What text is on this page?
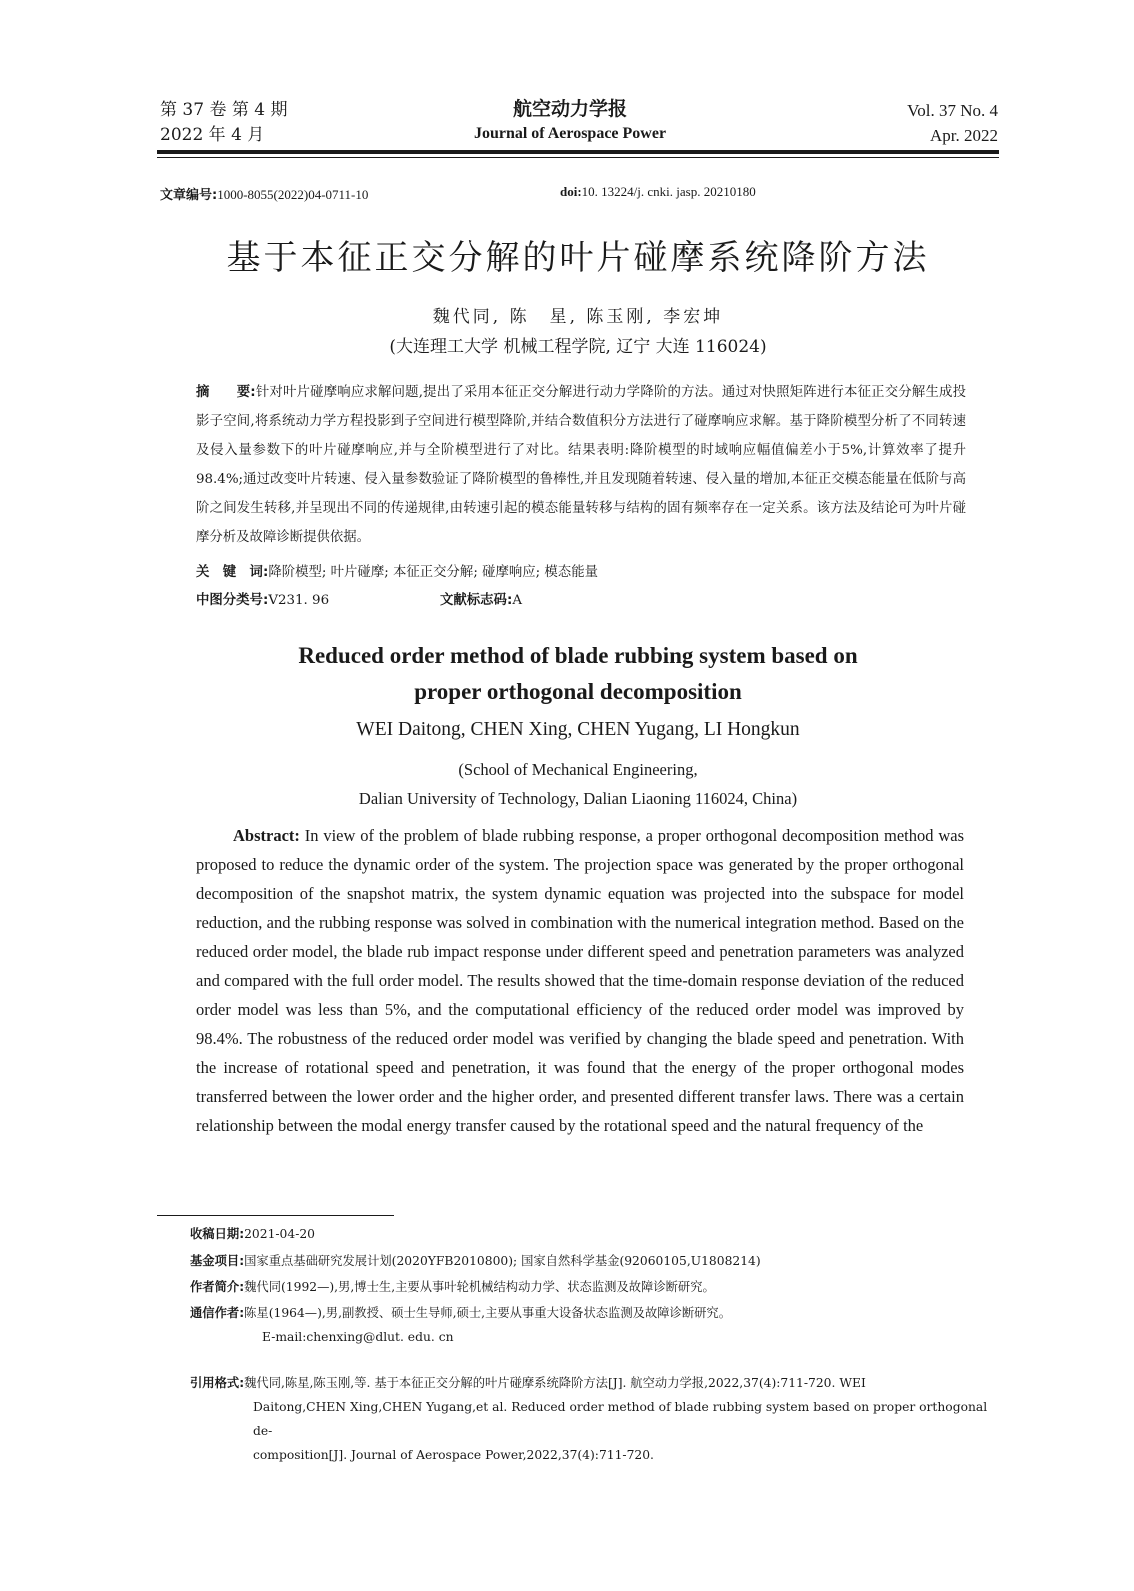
第 37 卷 第 4 期
2022 年 4 月
航空动力学报
Journal of Aerospace Power
Vol. 37 No. 4
Apr. 2022
文章编号:1000-8055(2022)04-0711-10	doi:10. 13224/j. cnki. jasp. 20210180
基于本征正交分解的叶片碰摩系统降阶方法
魏代同, 陈　星, 陈玉刚, 李宏坤
(大连理工大学 机械工程学院, 辽宁 大连 116024)
摘　　要:针对叶片碰摩响应求解问题,提出了采用本征正交分解进行动力学降阶的方法。通过对快照矩阵进行本征正交分解生成投影子空间,将系统动力学方程投影到子空间进行模型降阶,并结合数值积分方法进行了碰摩响应求解。基于降阶模型分析了不同转速及侵入量参数下的叶片碰摩响应,并与全阶模型进行了对比。结果表明:降阶模型的时域响应幅值偏差小于5%,计算效率了提升98.4%;通过改变叶片转速、侵入量参数验证了降阶模型的鲁棒性,并且发现随着转速、侵入量的增加,本征正交模态能量在低阶与高阶之间发生转移,并呈现出不同的传递规律,由转速引起的模态能量转移与结构的固有频率存在一定关系。该方法及结论可为叶片碰摩分析及故障诊断提供依据。
关　键　词:降阶模型; 叶片碰摩; 本征正交分解; 碰摩响应; 模态能量
中图分类号:V231. 96	文献标志码:A
Reduced order method of blade rubbing system based on
proper orthogonal decomposition
WEI Daitong, CHEN Xing, CHEN Yugang, LI Hongkun
(School of Mechanical Engineering,
Dalian University of Technology, Dalian Liaoning 116024, China)
Abstract: In view of the problem of blade rubbing response, a proper orthogonal decomposition method was proposed to reduce the dynamic order of the system. The projection space was generated by the proper orthogonal decomposition of the snapshot matrix, the system dynamic equation was projected into the subspace for model reduction, and the rubbing response was solved in combination with the numerical integration method. Based on the reduced order model, the blade rub impact response under different speed and penetration parameters was analyzed and compared with the full order model. The results showed that the time-domain response deviation of the reduced order model was less than 5%, and the computational efficiency of the reduced order model was improved by 98.4%. The robustness of the reduced order model was verified by changing the blade speed and penetration. With the increase of rotational speed and penetration, it was found that the energy of the proper orthogonal modes transferred between the lower order and the higher order, and presented different transfer laws. There was a certain relationship between the modal energy transfer caused by the rotational speed and the natural frequency of the
收稿日期:2021-04-20
基金项目:国家重点基础研究发展计划(2020YFB2010800); 国家自然科学基金(92060105,U1808214)
作者简介:魏代同(1992—),男,博士生,主要从事叶轮机械结构动力学、状态监测及故障诊断研究。
通信作者:陈星(1964—),男,副教授、硕士生导师,硕士,主要从事重大设备状态监测及故障诊断研究。
E-mail:chenxing@dlut. edu. cn
引用格式:魏代同,陈星,陈玉刚,等. 基于本征正交分解的叶片碰摩系统降阶方法[J]. 航空动力学报,2022,37(4):711-720. WEI
Daitong,CHEN Xing,CHEN Yugang,et al. Reduced order method of blade rubbing system based on proper orthogonal de-
composition[J]. Journal of Aerospace Power,2022,37(4):711-720.
